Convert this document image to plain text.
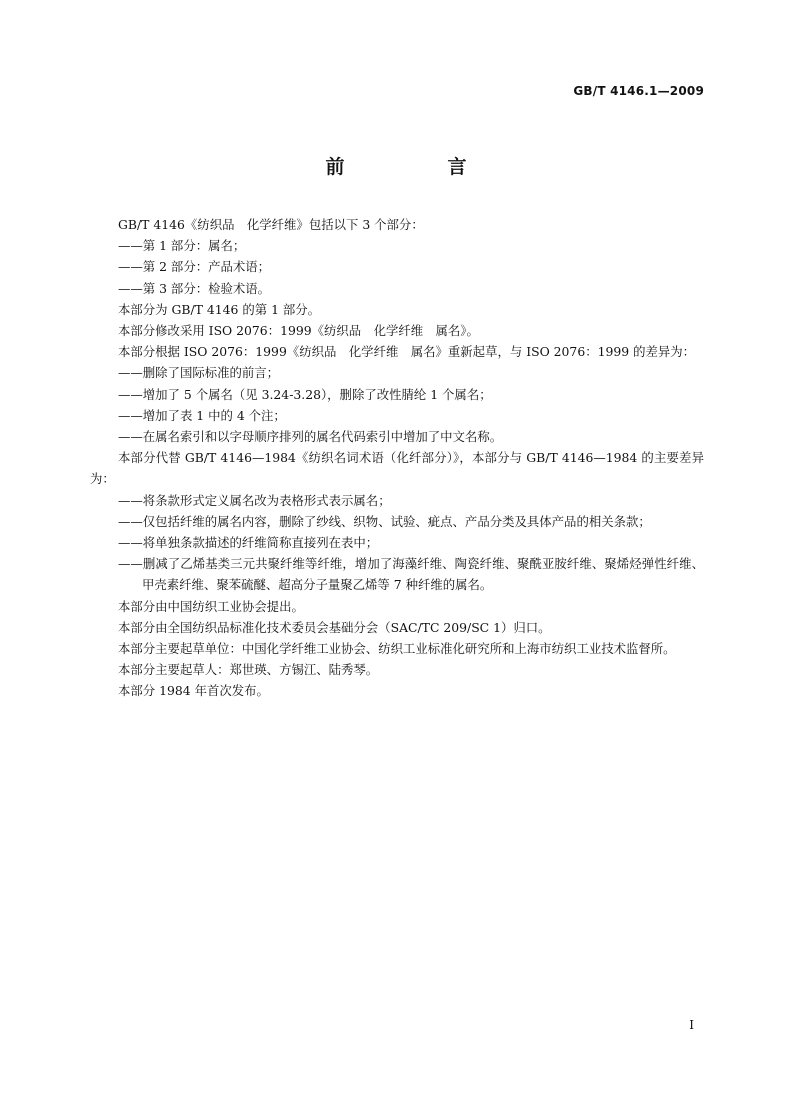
GB/T 4146.1—2009
前　言

GB/T 4146《纺织品　化学纤维》包括以下 3 个部分：

——第 1 部分：属名；

——第 2 部分：产品术语；

——第 3 部分：检验术语。

本部分为 GB/T 4146 的第 1 部分。

本部分修改采用 ISO 2076：1999《纺织品　化学纤维　属名》。

本部分根据 ISO 2076：1999《纺织品　化学纤维　属名》重新起草，与 ISO 2076：1999 的差异为：

——删除了国际标准的前言；

——增加了 5 个属名（见 3.24-3.28），删除了改性腈纶 1 个属名；

——增加了表 1 中的 4 个注；

——在属名索引和以字母顺序排列的属名代码索引中增加了中文名称。

本部分代替 GB/T 4146—1984《纺织名词术语（化纤部分）》，本部分与 GB/T 4146—1984 的主要差异为：

——将条款形式定义属名改为表格形式表示属名；

——仅包括纤维的属名内容，删除了纱线、织物、试验、疵点、产品分类及具体产品的相关条款；

——将单独条款描述的纤维简称直接列在表中；

——删减了乙烯基类三元共聚纤维等纤维，增加了海藻纤维、陶瓷纤维、聚酰亚胺纤维、聚烯烃弹性纤维、甲壳素纤维、聚苯硫醚、超高分子量聚乙烯等 7 种纤维的属名。

本部分由中国纺织工业协会提出。

本部分由全国纺织品标准化技术委员会基础分会（SAC/TC 209/SC 1）归口。

本部分主要起草单位：中国化学纤维工业协会、纺织工业标准化研究所和上海市纺织工业技术监督所。

本部分主要起草人：郑世瑛、方锡江、陆秀琴。

本部分 1984 年首次发布。

I
